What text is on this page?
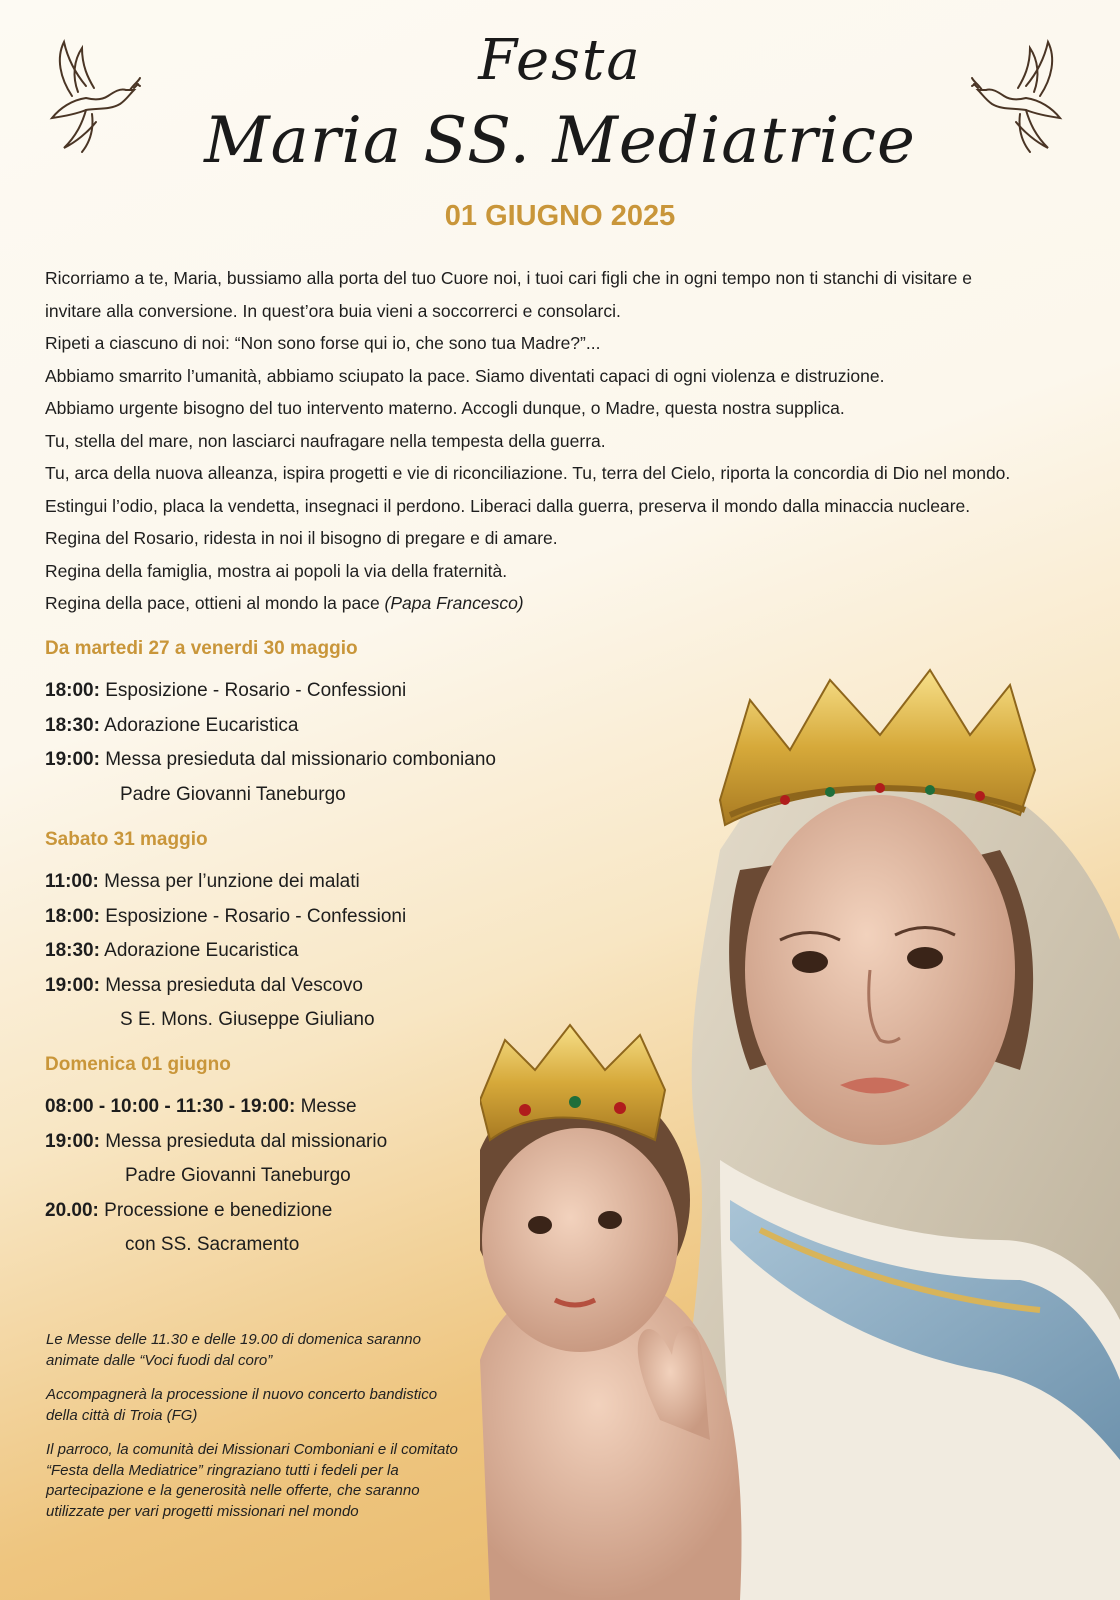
Festa
Maria SS. Mediatrice
01 GIUGNO 2025
Ricorriamo a te, Maria, bussiamo alla porta del tuo Cuore noi, i tuoi cari figli che in ogni tempo non ti stanchi di visitare e
invitare alla conversione. In quest’ora buia vieni a soccorrerci e consolarci.
Ripeti a ciascuno di noi: “Non sono forse qui io, che sono tua Madre?”...
Abbiamo smarrito l’umanità, abbiamo sciupato la pace. Siamo diventati capaci di ogni violenza e distruzione.
Abbiamo urgente bisogno del tuo intervento materno. Accogli dunque, o Madre, questa nostra supplica.
Tu, stella del mare, non lasciarci naufragare nella tempesta della guerra.
Tu, arca della nuova alleanza, ispira progetti e vie di riconciliazione. Tu, terra del Cielo, riporta la concordia di Dio nel mondo.
Estingui l’odio, placa la vendetta, insegnaci il perdono. Liberaci dalla guerra, preserva il mondo dalla minaccia nucleare.
Regina del Rosario, ridesta in noi il bisogno di pregare e di amare.
Regina della famiglia, mostra ai popoli la via della fraternità.
Regina della pace, ottieni al mondo la pace (Papa Francesco)
Da martedi 27 a venerdi 30 maggio
18:00: Esposizione - Rosario - Confessioni
18:30: Adorazione Eucaristica
19:00: Messa presieduta dal missionario comboniano
Padre Giovanni Taneburgo
Sabato 31 maggio
11:00: Messa per l’unzione dei malati
18:00: Esposizione - Rosario - Confessioni
18:30: Adorazione Eucaristica
19:00: Messa presieduta dal Vescovo
S E. Mons. Giuseppe Giuliano
Domenica 01 giugno
08:00 - 10:00 - 11:30 - 19:00: Messe
19:00: Messa presieduta dal missionario
Padre Giovanni Taneburgo
20.00: Processione e benedizione
con SS. Sacramento

Le Messe delle 11.30 e delle 19.00 di domenica saranno animate dalle “Voci fuodi dal coro”

Accompagnerà la processione il nuovo concerto bandistico della città di Troia (FG)

Il parroco, la comunità dei Missionari Comboniani e il comitato “Festa della Mediatrice” ringraziano tutti i fedeli per la partecipazione e la generosità nelle offerte, che saranno utilizzate per vari progetti missionari nel mondo
